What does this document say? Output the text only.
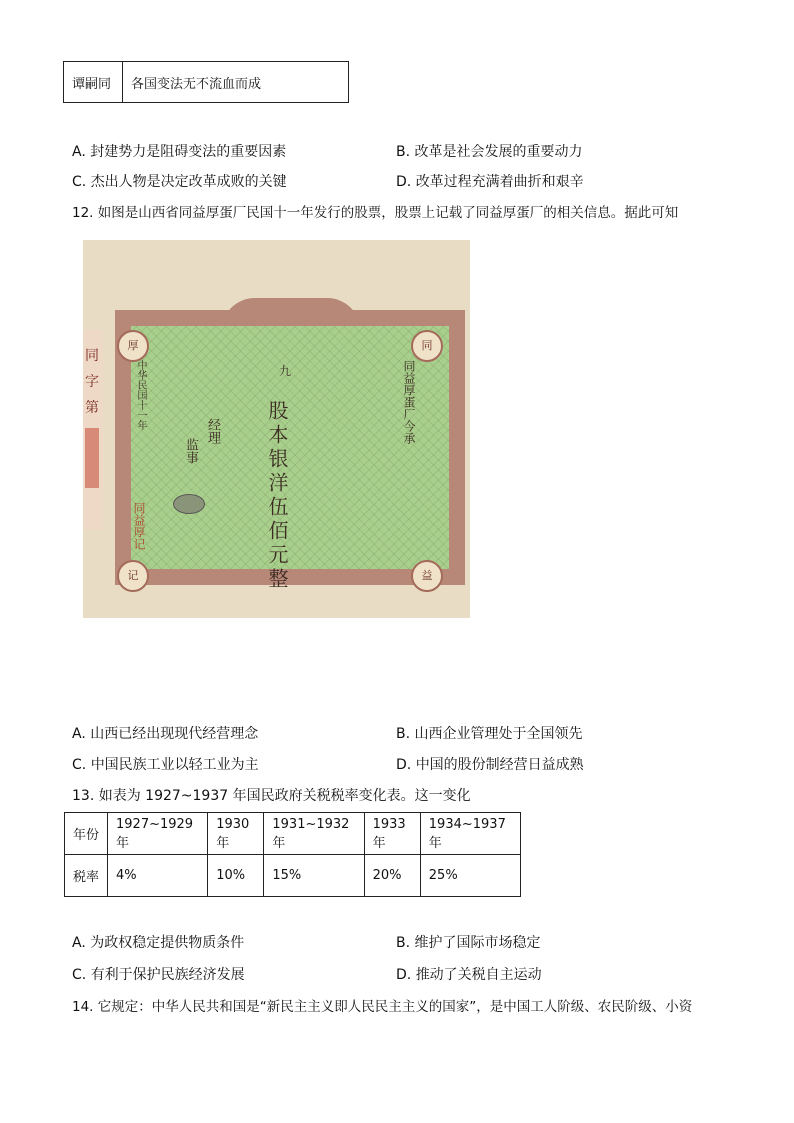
谭嗣同	各国变法无不流血而成
A. 封建势力是阻碍变法的重要因素	B. 改革是社会发展的重要动力
C. 杰出人物是决定改革成败的关键	D. 改革过程充满着曲折和艰辛
12. 如图是山西省同益厚蛋厂民国十一年发行的股票，股票上记载了同益厚蛋厂的相关信息。据此可知
同
字
第
厚	同
记	益
同益厚蛋厂今承
股本银洋伍佰元整
中华民国十一年
经理
监事
同益厚记
九
A. 山西已经出现现代经营理念	B. 山西企业管理处于全国领先
C. 中国民族工业以轻工业为主	D. 中国的股份制经营日益成熟
13. 如表为 1927~1937 年国民政府关税税率变化表。这一变化
年份	1927~1929 年	1930 年	1931~1932 年	1933 年	1934~1937 年
税率	4%	10%	15%	20%	25%
A. 为政权稳定提供物质条件	B. 维护了国际市场稳定
C. 有利于保护民族经济发展	D. 推动了关税自主运动
14. 它规定：中华人民共和国是“新民主主义即人民民主主义的国家”，是中国工人阶级、农民阶级、小资
